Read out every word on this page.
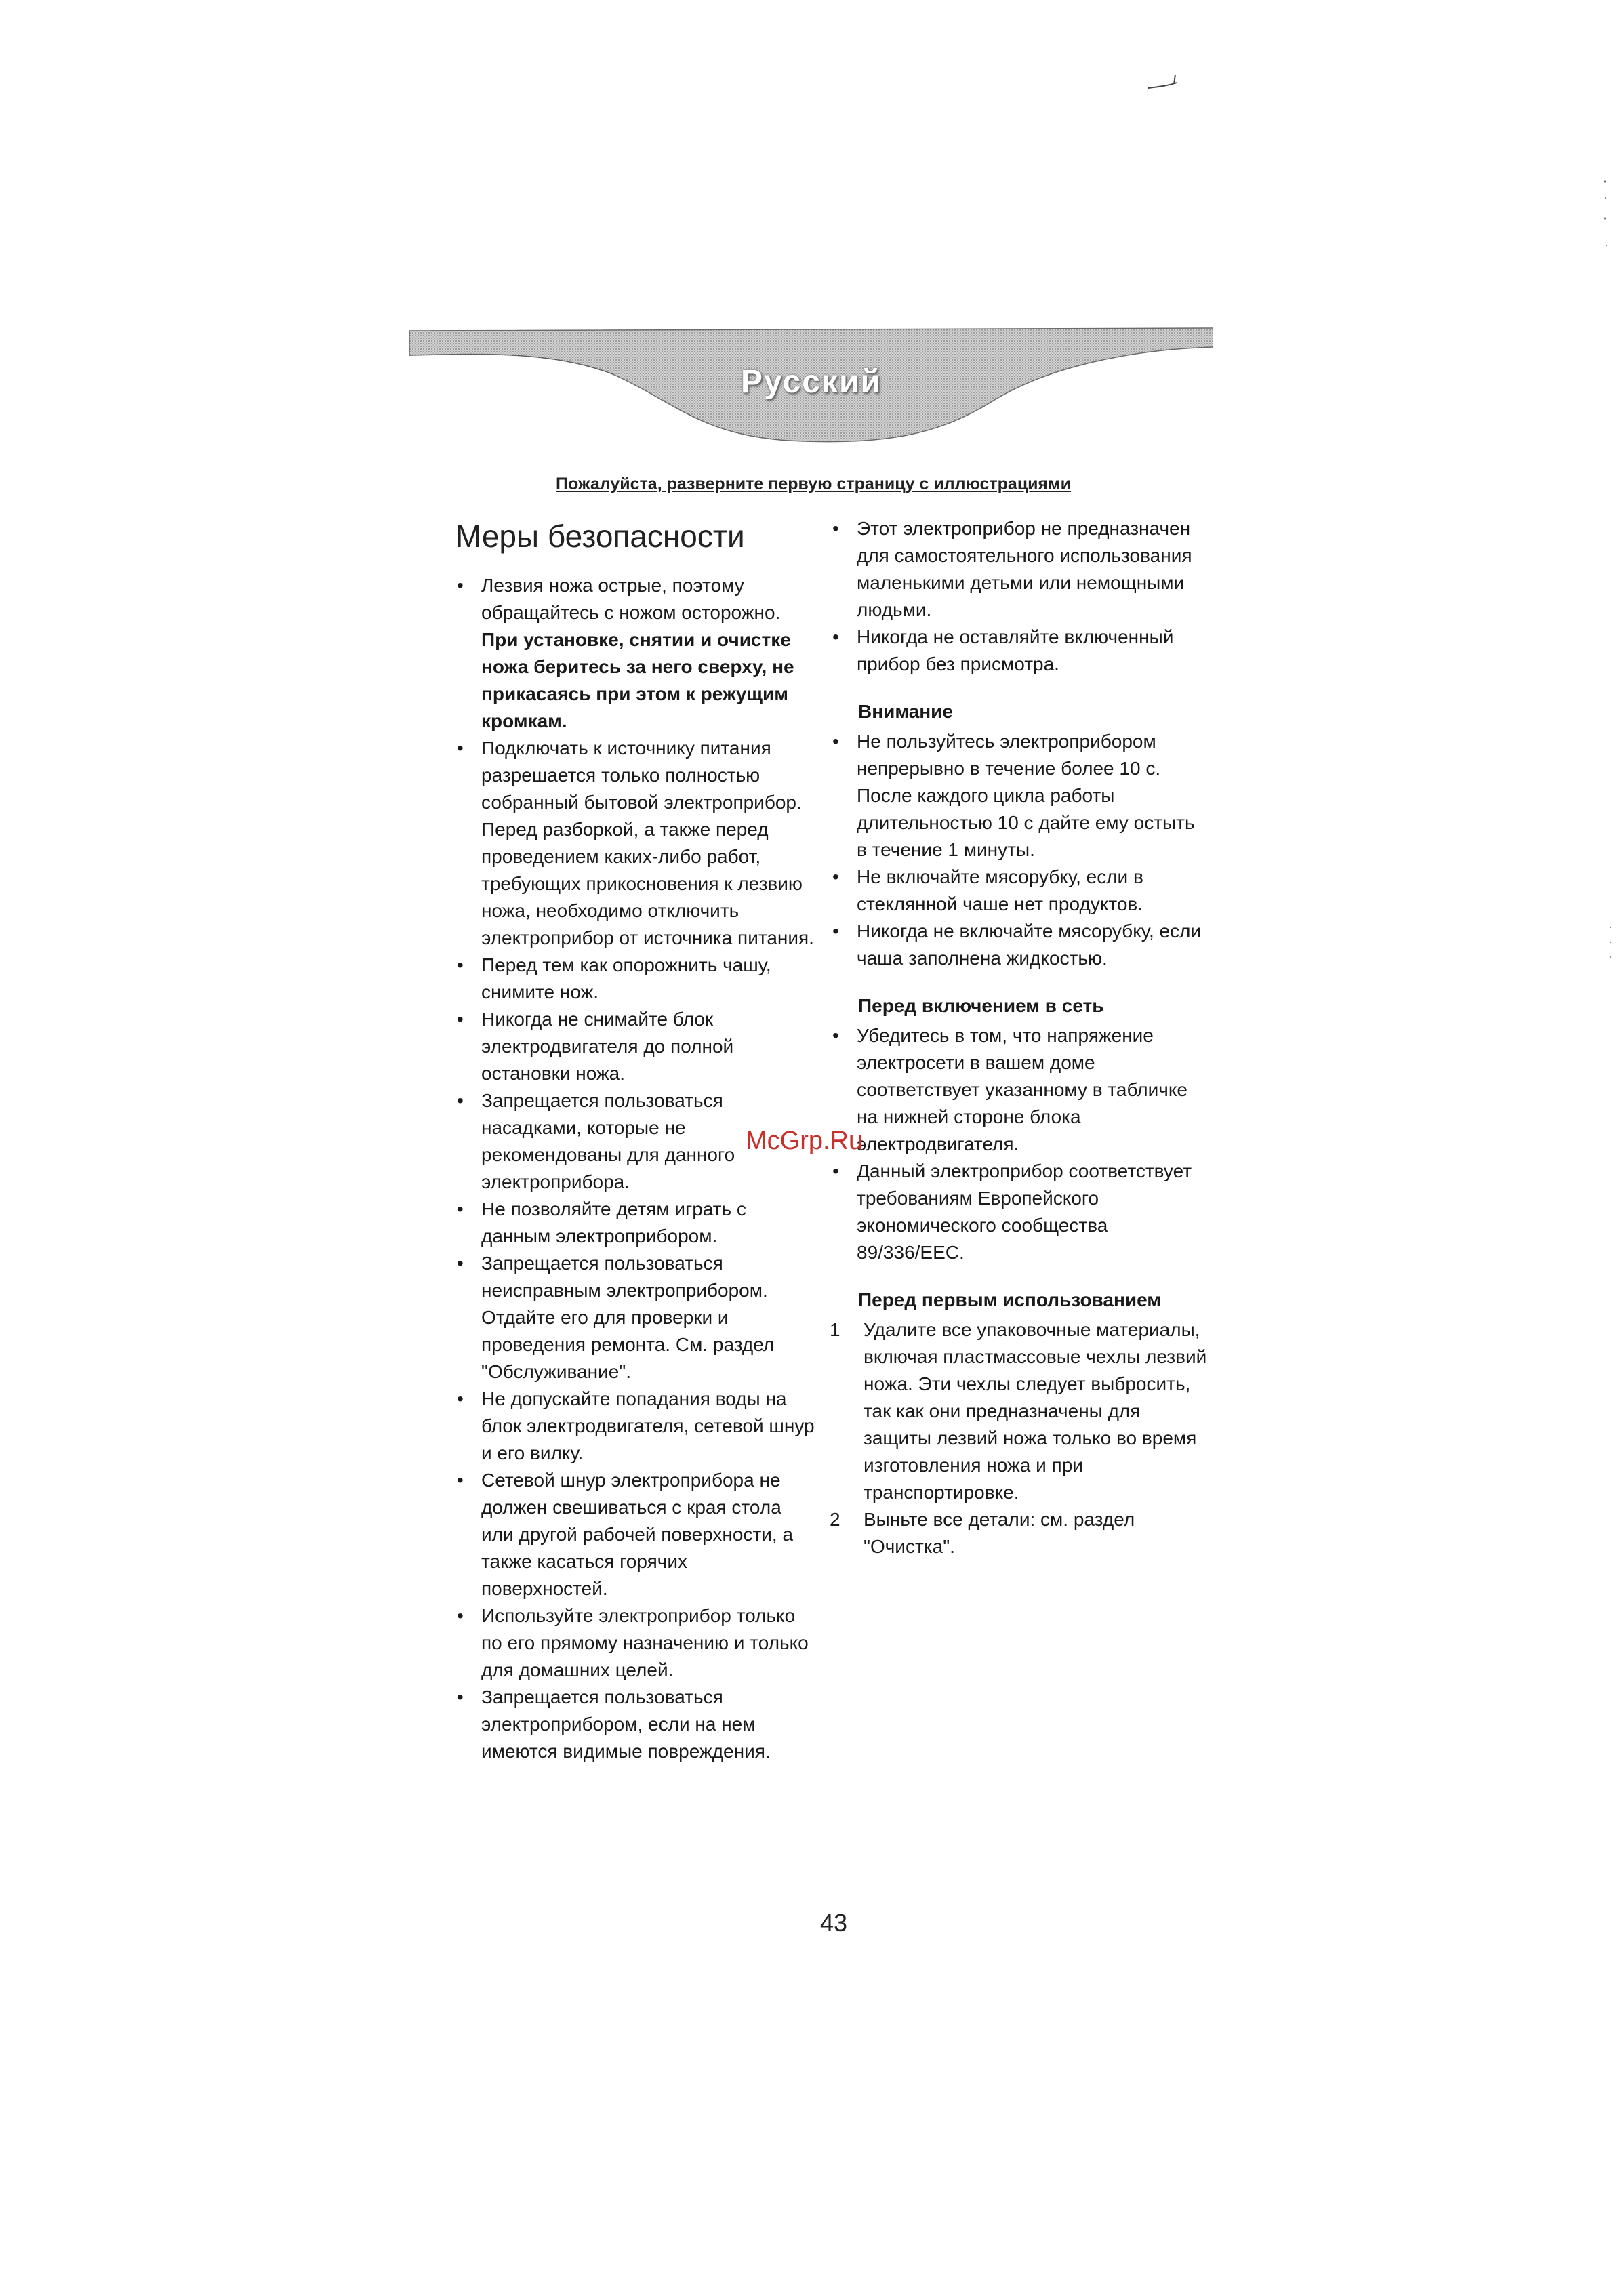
Русский
Пожалуйста, разверните первую страницу с иллюстрациями
Меры безопасности
• Лезвия ножа острые, поэтому обращайтесь с ножом осторожно. При установке, снятии и очистке ножа беритесь за него сверху, не прикасаясь при этом к режущим кромкам.
• Подключать к источнику питания разрешается только полностью собранный бытовой электроприбор. Перед разборкой, а также перед проведением каких-либо работ, требующих прикосновения к лезвию ножа, необходимо отключить электроприбор от источника питания.
• Перед тем как опорожнить чашу, снимите нож.
• Никогда не снимайте блок электродвигателя до полной остановки ножа.
• Запрещается пользоваться насадками, которые не рекомендованы для данного электроприбора.
• Не позволяйте детям играть с данным электроприбором.
• Запрещается пользоваться неисправным электроприбором. Отдайте его для проверки и проведения ремонта. См. раздел "Обслуживание".
• Не допускайте попадания воды на блок электродвигателя, сетевой шнур и его вилку.
• Сетевой шнур электроприбора не должен свешиваться с края стола или другой рабочей поверхности, а также касаться горячих поверхностей.
• Используйте электроприбор только по его прямому назначению и только для домашних целей.
• Запрещается пользоваться электроприбором, если на нем имеются видимые повреждения.
• Этот электроприбор не предназначен для самостоятельного использования маленькими детьми или немощными людьми.
• Никогда не оставляйте включенный прибор без присмотра.
Внимание
• Не пользуйтесь электроприбором непрерывно в течение более 10 с. После каждого цикла работы длительностью 10 с дайте ему остыть в течение 1 минуты.
• Не включайте мясорубку, если в стеклянной чаше нет продуктов.
• Никогда не включайте мясорубку, если чаша заполнена жидкостью.
Перед включением в сеть
• Убедитесь в том, что напряжение электросети в вашем доме соответствует указанному в табличке на нижней стороне блока электродвигателя.
• Данный электроприбор соответствует требованиям Европейского экономического сообщества 89/336/EEC.
Перед первым использованием
1 Удалите все упаковочные материалы, включая пластмассовые чехлы лезвий ножа. Эти чехлы следует выбросить, так как они предназначены для защиты лезвий ножа только во время изготовления ножа и при транспортировке.
2 Выньте все детали: см. раздел "Очистка".
McGrp.Ru
43
